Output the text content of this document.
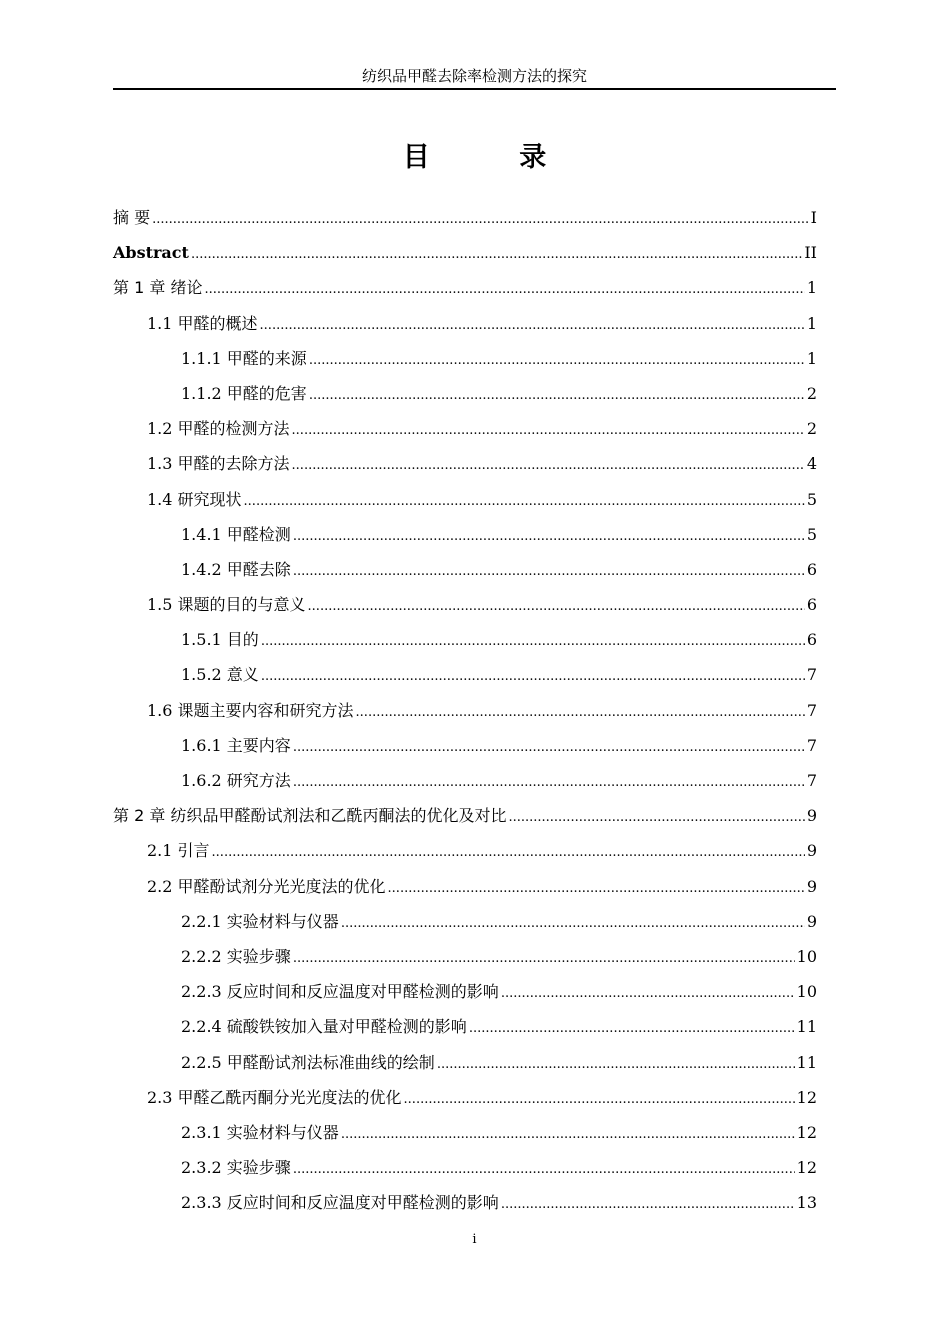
纺织品甲醛去除率检测方法的探究
目 录
摘 要 .....	I
Abstract .....	II
第 1 章 绪论 .....	1
1.1 甲醛的概述 .....	1
1.1.1 甲醛的来源 .....	1
1.1.2 甲醛的危害 .....	2
1.2 甲醛的检测方法 .....	2
1.3 甲醛的去除方法 .....	4
1.4 研究现状 .....	5
1.4.1 甲醛检测 .....	5
1.4.2 甲醛去除 .....	6
1.5 课题的目的与意义 .....	6
1.5.1 目的 .....	6
1.5.2 意义 .....	7
1.6 课题主要内容和研究方法 .....	7
1.6.1 主要内容 .....	7
1.6.2 研究方法 .....	7
第 2 章 纺织品甲醛酚试剂法和乙酰丙酮法的优化及对比 .....	9
2.1 引言 .....	9
2.2 甲醛酚试剂分光光度法的优化 .....	9
2.2.1 实验材料与仪器 .....	9
2.2.2 实验步骤 .....	10
2.2.3 反应时间和反应温度对甲醛检测的影响 .....	10
2.2.4 硫酸铁铵加入量对甲醛检测的影响 .....	11
2.2.5 甲醛酚试剂法标准曲线的绘制 .....	11
2.3 甲醛乙酰丙酮分光光度法的优化 .....	12
2.3.1 实验材料与仪器 .....	12
2.3.2 实验步骤 .....	12
2.3.3 反应时间和反应温度对甲醛检测的影响 .....	13
i
